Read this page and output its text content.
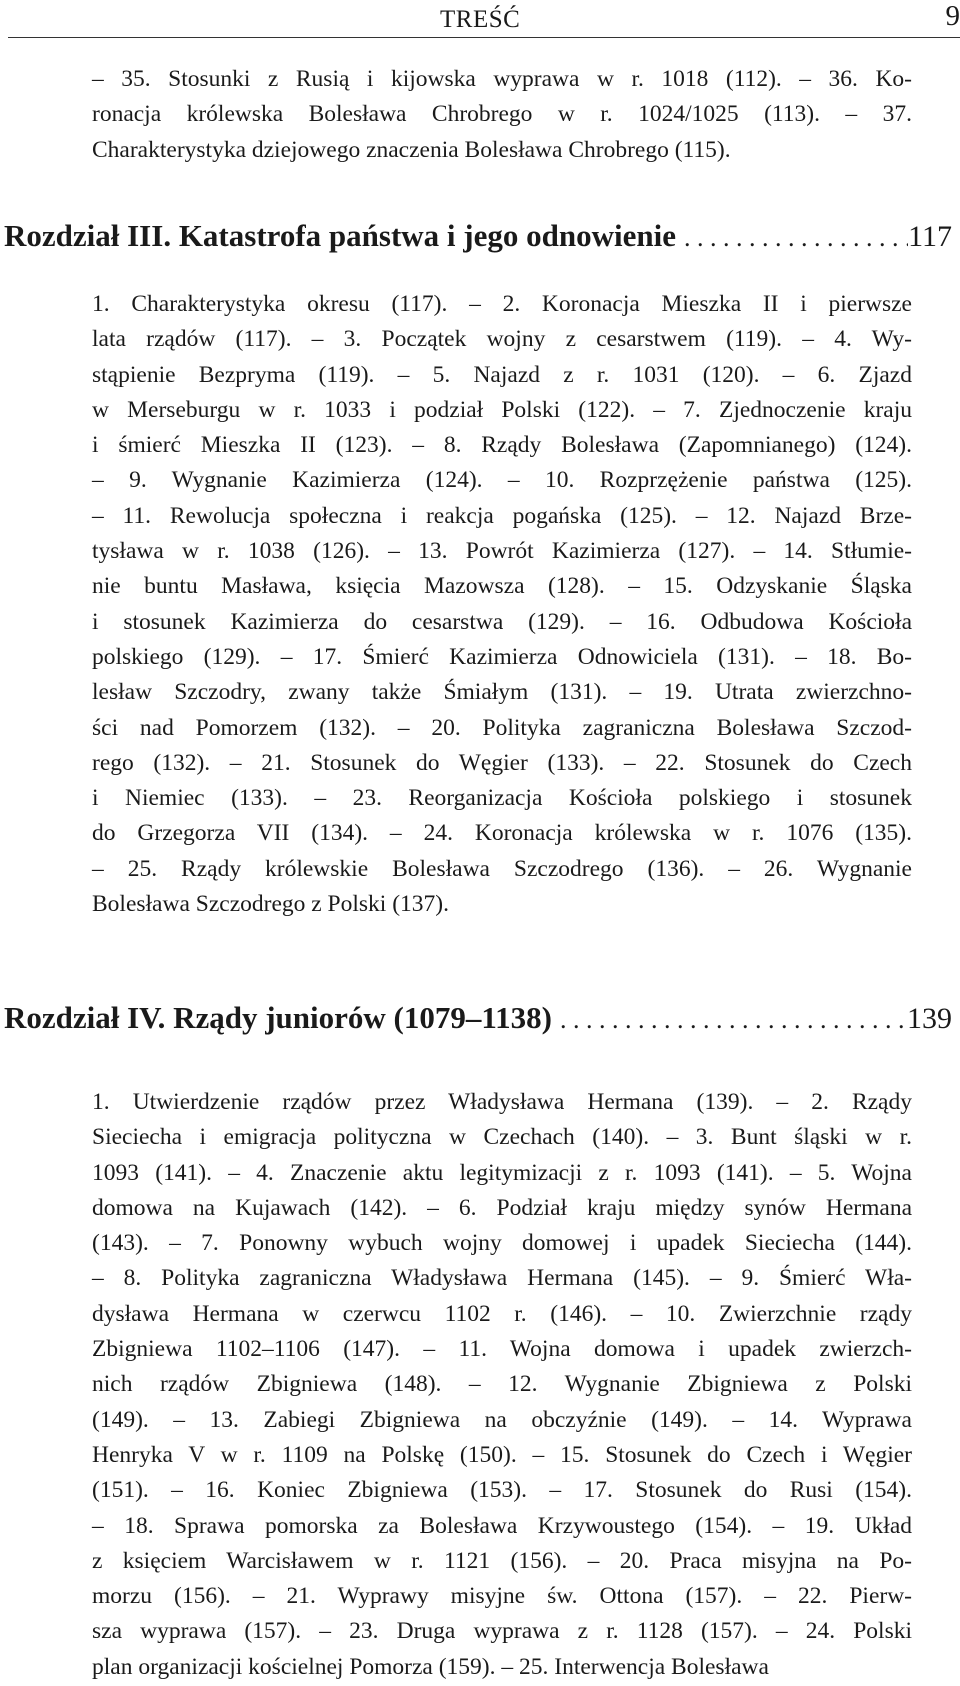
TREŚĆ	9
– 35. Stosunki z Rusią i kijowska wyprawa w r. 1018 (112). – 36. Ko-
ronacja królewska Bolesława Chrobrego w r. 1024/1025 (113). – 37.
Charakterystyka dziejowego znaczenia Bolesława Chrobrego (115).
Rozdział III. Katastrofa państwa i jego odnowienie . . .	117
1. Charakterystyka okresu (117). – 2. Koronacja Mieszka II i pierwsze
lata rządów (117). – 3. Początek wojny z cesarstwem (119). – 4. Wy-
stąpienie Bezpryma (119). – 5. Najazd z r. 1031 (120). – 6. Zjazd
w Merseburgu w r. 1033 i podział Polski (122). – 7. Zjednoczenie kraju
i śmierć Mieszka II (123). – 8. Rządy Bolesława (Zapomnianego) (124).
– 9. Wygnanie Kazimierza (124). – 10. Rozprzężenie państwa (125).
– 11. Rewolucja społeczna i reakcja pogańska (125). – 12. Najazd Brze-
tysława w r. 1038 (126). – 13. Powrót Kazimierza (127). – 14. Stłumie-
nie buntu Masława, księcia Mazowsza (128). – 15. Odzyskanie Śląska
i stosunek Kazimierza do cesarstwa (129). – 16. Odbudowa Kościoła
polskiego (129). – 17. Śmierć Kazimierza Odnowiciela (131). – 18. Bo-
lesław Szczodry, zwany także Śmiałym (131). – 19. Utrata zwierzchno-
ści nad Pomorzem (132). – 20. Polityka zagraniczna Bolesława Szczod-
rego (132). – 21. Stosunek do Węgier (133). – 22. Stosunek do Czech
i Niemiec (133). – 23. Reorganizacja Kościoła polskiego i stosunek
do Grzegorza VII (134). – 24. Koronacja królewska w r. 1076 (135).
– 25. Rządy królewskie Bolesława Szczodrego (136). – 26. Wygnanie
Bolesława Szczodrego z Polski (137).
Rozdział IV. Rządy juniorów (1079–1138) . . .	139
1. Utwierdzenie rządów przez Władysława Hermana (139). – 2. Rządy
Sieciecha i emigracja polityczna w Czechach (140). – 3. Bunt śląski w r.
1093 (141). – 4. Znaczenie aktu legitymizacji z r. 1093 (141). – 5. Wojna
domowa na Kujawach (142). – 6. Podział kraju między synów Hermana
(143). – 7. Ponowny wybuch wojny domowej i upadek Sieciecha (144).
– 8. Polityka zagraniczna Władysława Hermana (145). – 9. Śmierć Wła-
dysława Hermana w czerwcu 1102 r. (146). – 10. Zwierzchnie rządy
Zbigniewa 1102–1106 (147). – 11. Wojna domowa i upadek zwierzch-
nich rządów Zbigniewa (148). – 12. Wygnanie Zbigniewa z Polski
(149). – 13. Zabiegi Zbigniewa na obczyźnie (149). – 14. Wyprawa
Henryka V w r. 1109 na Polskę (150). – 15. Stosunek do Czech i Węgier
(151). – 16. Koniec Zbigniewa (153). – 17. Stosunek do Rusi (154).
– 18. Sprawa pomorska za Bolesława Krzywoustego (154). – 19. Układ
z księciem Warcisławem w r. 1121 (156). – 20. Praca misyjna na Po-
morzu (156). – 21. Wyprawy misyjne św. Ottona (157). – 22. Pierw-
sza wyprawa (157). – 23. Druga wyprawa z r. 1128 (157). – 24. Polski
plan organizacji kościelnej Pomorza (159). – 25. Interwencja Bolesława
